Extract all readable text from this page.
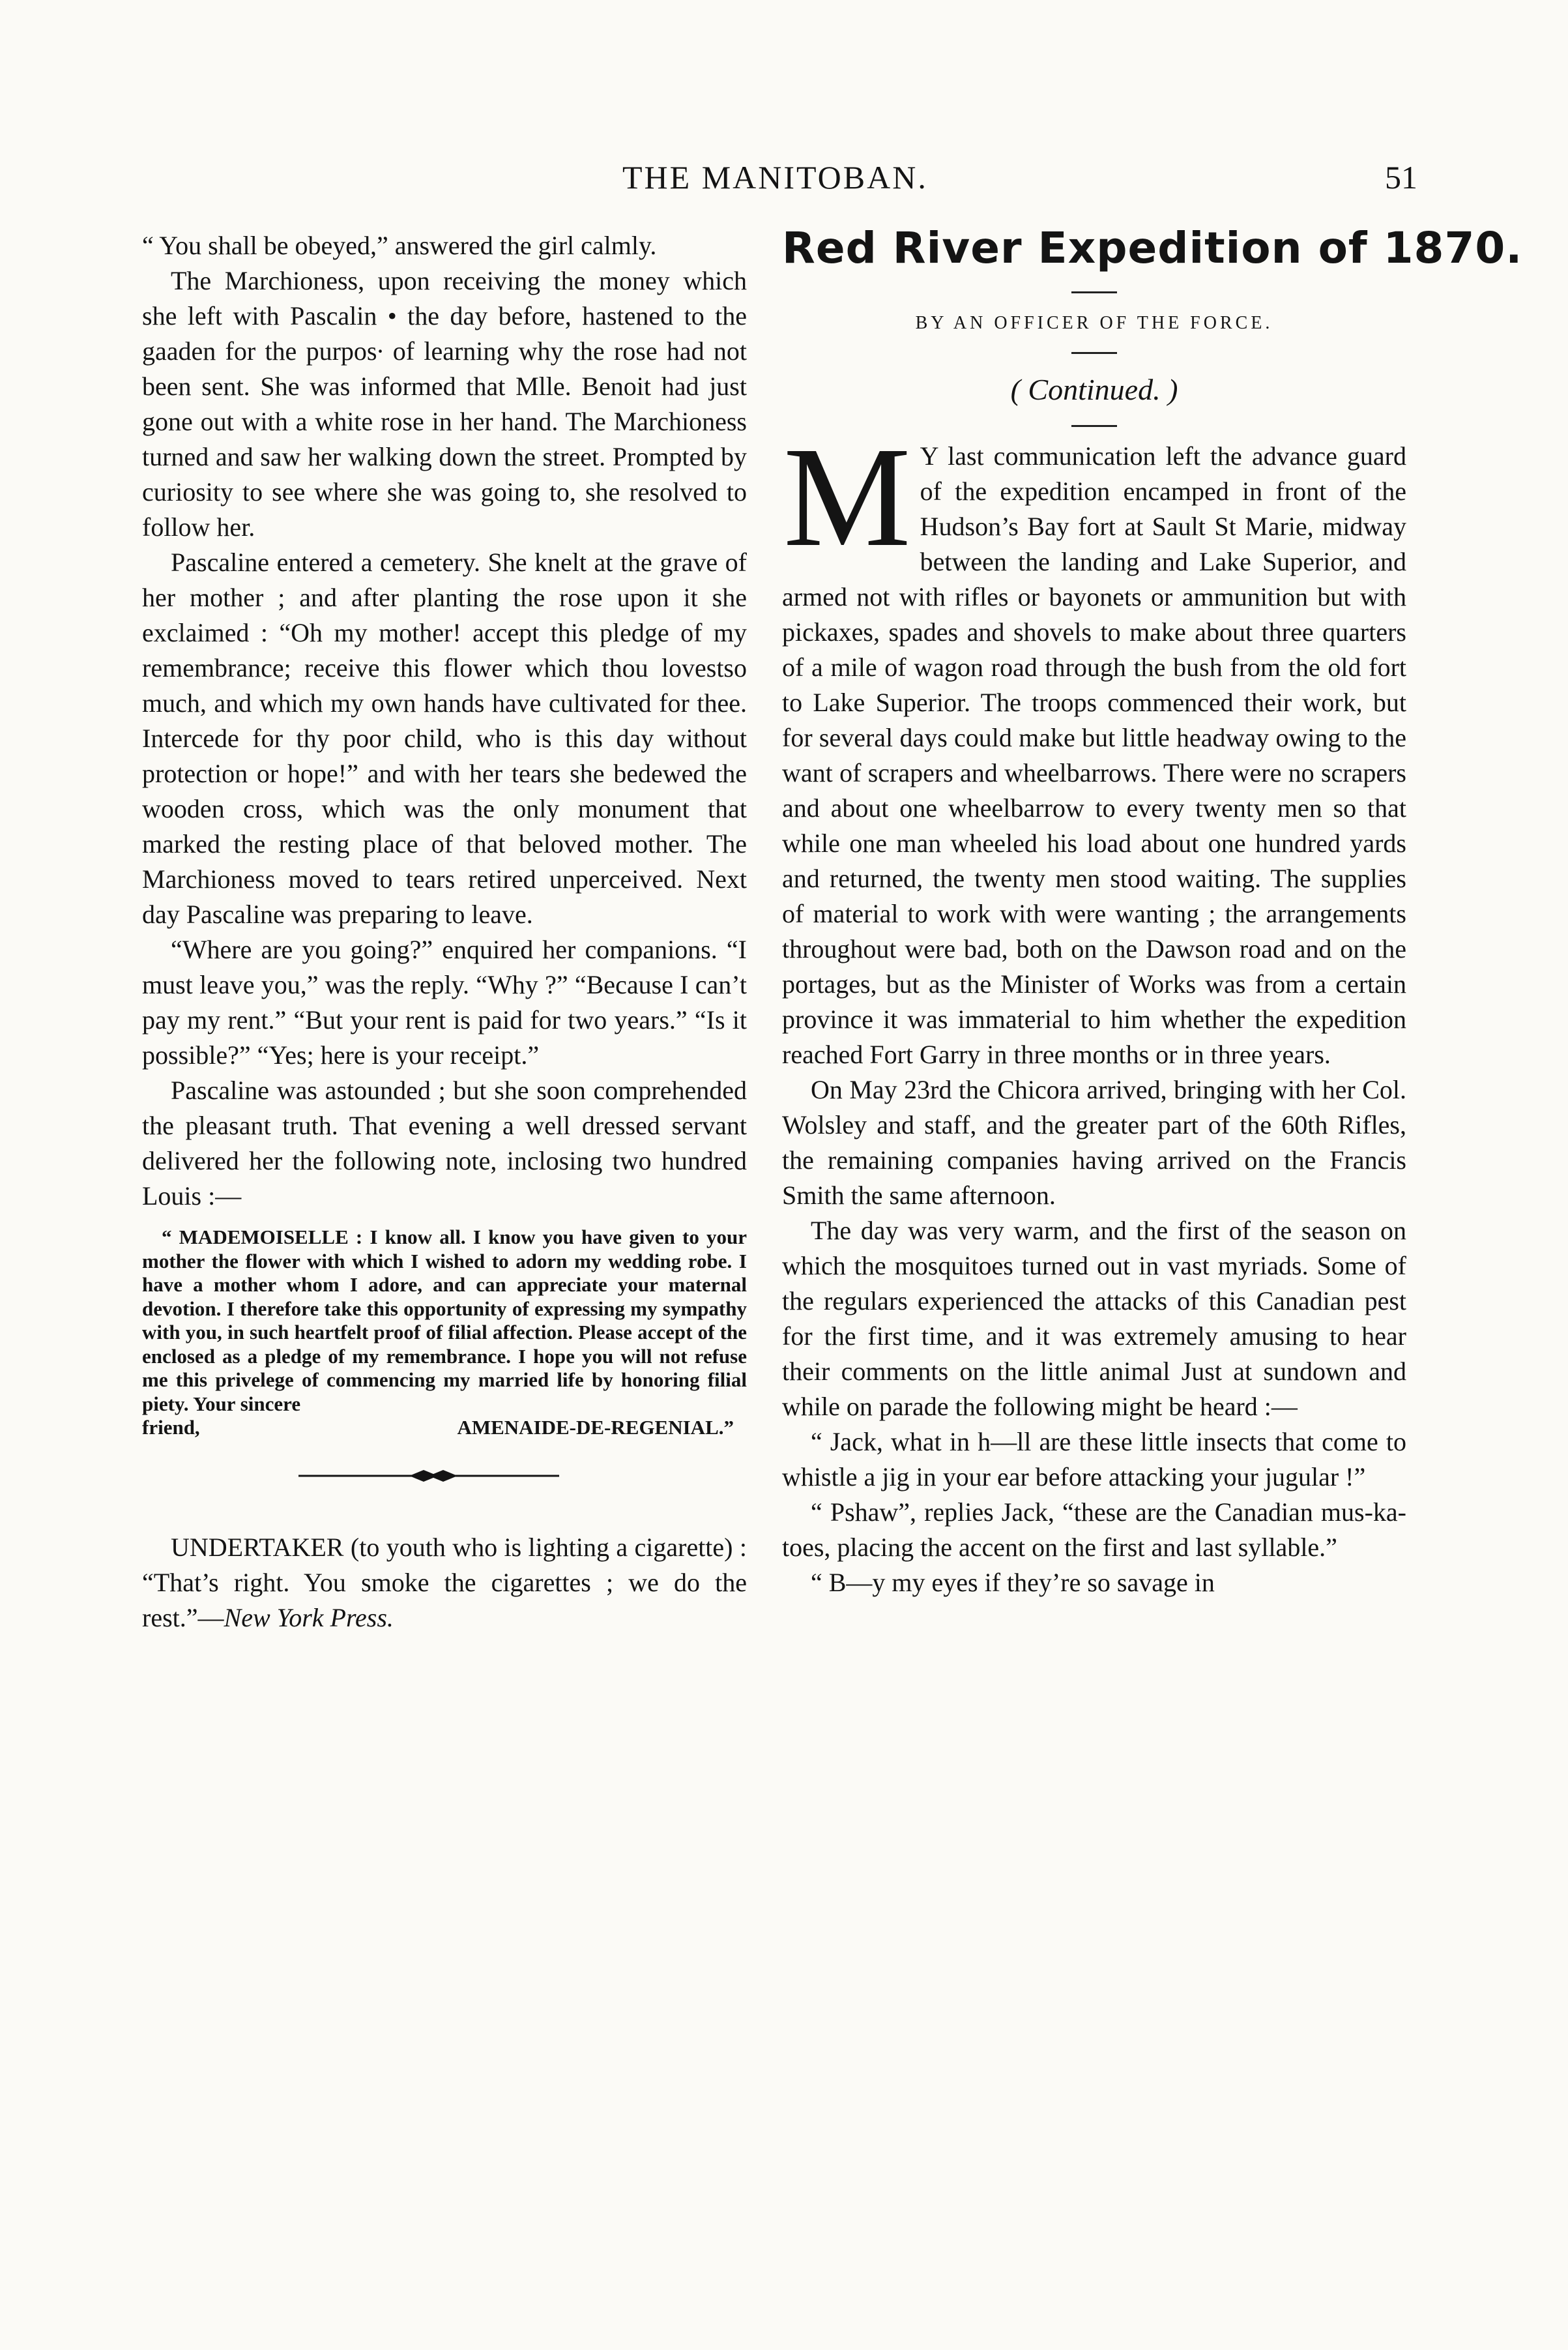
THE MANITOBAN.	51

“ You shall be obeyed,” answered the girl calmly.

The Marchioness, upon receiving the money which she left with Pascalin • the day before, hastened to the gaaden for the purpos∙ of learning why the rose had not been sent. She was informed that Mlle. Benoit had just gone out with a white rose in her hand. The Marchioness turned and saw her walking down the street. Prompted by curiosity to see where she was going to, she resolved to follow her.

Pascaline entered a cemetery. She knelt at the grave of her mother ; and after planting the rose upon it she exclaimed : “Oh my mother! accept this pledge of my remembrance; receive this flower which thou lovestso much, and which my own hands have cultivated for thee. Intercede for thy poor child, who is this day without protection or hope!” and with her tears she bedewed the wooden cross, which was the only monument that marked the resting place of that beloved mother. The Marchioness moved to tears retired unperceived. Next day Pascaline was preparing to leave.

“Where are you going?” enquired her companions. “I must leave you,” was the reply. “Why ?” “Because I can’t pay my rent.” “But your rent is paid for two years.” “Is it possible?” “Yes; here is your receipt.”

Pascaline was astounded ; but she soon comprehended the pleasant truth. That evening a well dressed servant delivered her the following note, inclosing two hundred Louis :—

“ MADEMOISELLE : I know all. I know you have given to your mother the flower with which I wished to adorn my wedding robe. I have a mother whom I adore, and can appreciate your maternal devotion. I therefore take this opportunity of expressing my sympathy with you, in such heartfelt proof of filial affection. Please accept of the enclosed as a pledge of my remembrance. I hope you will not refuse me this privelege of commencing my married life by honoring filial piety. Your sincere
friend,	AMENAIDE-DE-REGENIAL.”

UNDERTAKER (to youth who is lighting a cigarette) : “That’s right. You smoke the cigarettes ; we do the rest.”—New York Press.

Red River Expedition of 1870.
BY AN OFFICER OF THE FORCE.
( Continued. )
M Y last communication left the advance guard of the expedition encamped in front of the Hudson’s Bay fort at Sault St Marie, midway between the landing and Lake Superior, and armed not with rifles or bayonets or ammunition but with pickaxes, spades and shovels to make about three quarters of a mile of wagon road through the bush from the old fort to Lake Superior. The troops commenced their work, but for several days could make but little headway owing to the want of scrapers and wheelbarrows. There were no scrapers and about one wheelbarrow to every twenty men so that while one man wheeled his load about one hundred yards and returned, the twenty men stood waiting. The supplies of material to work with were wanting ; the arrangements throughout were bad, both on the Dawson road and on the portages, but as the Minister of Works was from a certain province it was immaterial to him whether the expedition reached Fort Garry in three months or in three years.

On May 23rd the Chicora arrived, bringing with her Col. Wolsley and staff, and the greater part of the 60th Rifles, the remaining companies having arrived on the Francis Smith the same afternoon.

The day was very warm, and the first of the season on which the mosquitoes turned out in vast myriads. Some of the regulars experienced the attacks of this Canadian pest for the first time, and it was extremely amusing to hear their comments on the little animal Just at sundown and while on parade the following might be heard :—

“ Jack, what in h—ll are these little insects that come to whistle a jig in your ear before attacking your jugular !”

“ Pshaw”, replies Jack, “these are the Canadian mus-ka-toes, placing the accent on the first and last syllable.”

“ B—y my eyes if they’re so savage in
